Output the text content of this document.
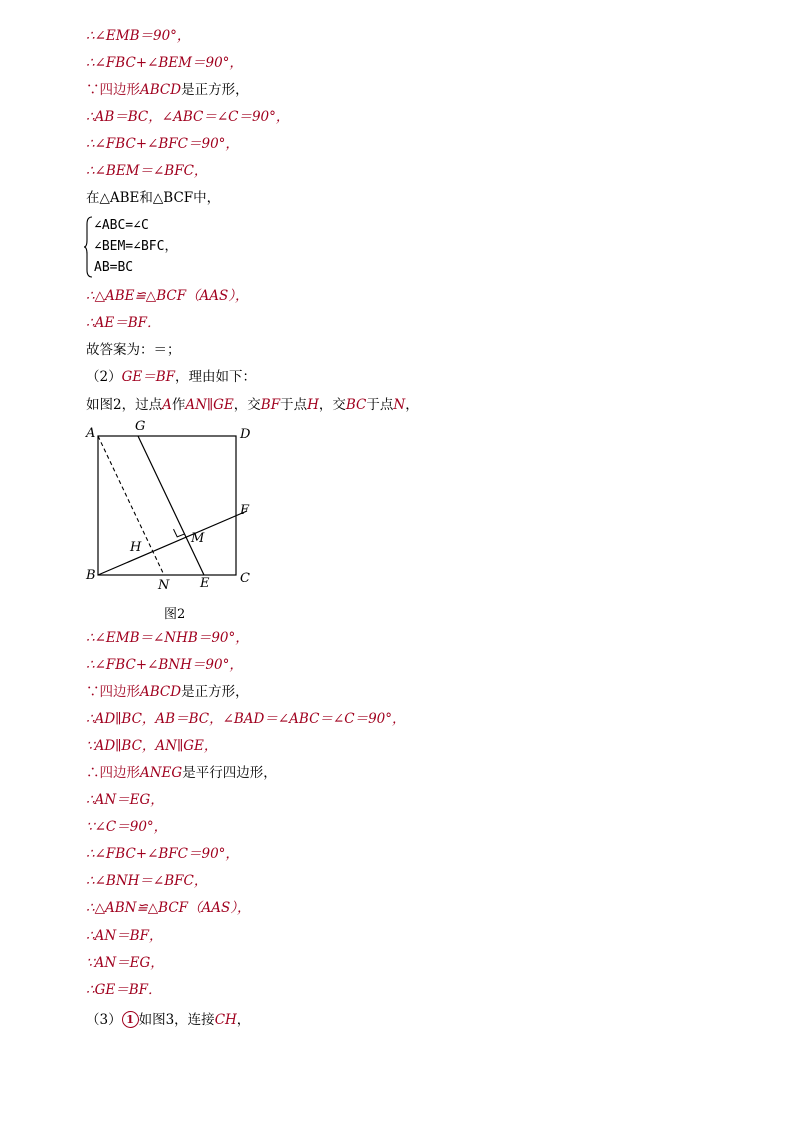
∴∠EMB＝90°，
∴∠FBC+∠BEM＝90°，
∵四边形ABCD是正方形，
∴AB＝BC，∠ABC＝∠C＝90°，
∴∠FBC+∠BFC＝90°，
∴∠BEM＝∠BFC，
在△ABE和△BCF中，
∠ABC=∠C
∠BEM=∠BFC，
AB=BC
∴△ABE≌△BCF（AAS），
∴AE＝BF．
故答案为：＝；
（2）GE＝BF，理由如下：
如图2，过点A作AN∥GE，交BF于点H，交BC于点N，
A	G
D
F
M
H
B
N E C
图2
∴∠EMB＝∠NHB＝90°，
∴∠FBC+∠BNH＝90°，
∵四边形ABCD是正方形，
∴AD∥BC，AB＝BC，∠BAD＝∠ABC＝∠C＝90°，
∵AD∥BC，AN∥GE，
∴四边形ANEG是平行四边形，
∴AN＝EG，
∵∠C＝90°，
∴∠FBC+∠BFC＝90°，
∴∠BNH＝∠BFC，
∴△ABN≌△BCF（AAS），
∴AN＝BF，
∵AN＝EG，
∴GE＝BF．
（3） 1 如图3，连接CH，
